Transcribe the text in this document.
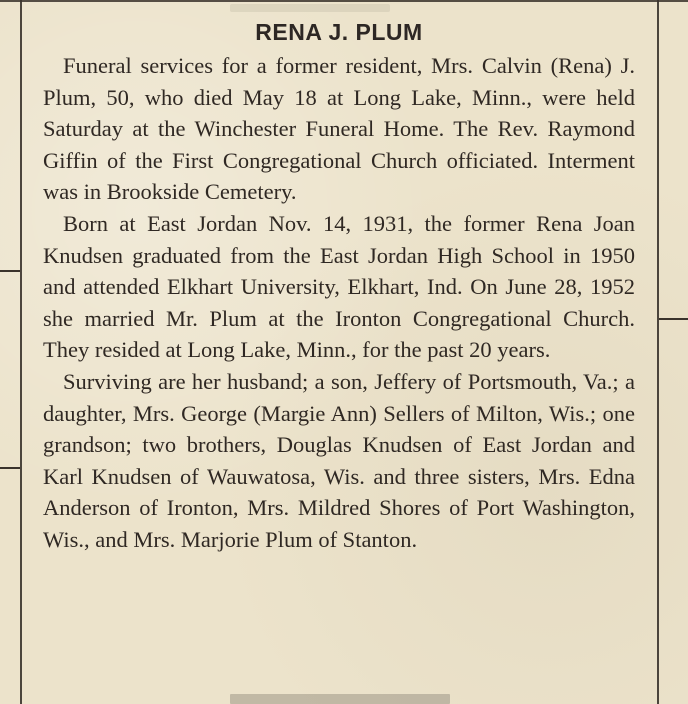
RENA J. PLUM

Funeral services for a former resident, Mrs. Calvin (Rena) J. Plum, 50, who died May 18 at Long Lake, Minn., were held Saturday at the Winchester Funeral Home. The Rev. Raymond Giffin of the First Congregational Church officiated. Interment was in Brookside Cemetery.

Born at East Jordan Nov. 14, 1931, the former Rena Joan Knudsen graduated from the East Jordan High School in 1950 and attended Elkhart University, Elkhart, Ind. On June 28, 1952 she married Mr. Plum at the Ironton Congregational Church. They resided at Long Lake, Minn., for the past 20 years.

Surviving are her husband; a son, Jeffery of Portsmouth, Va.; a daughter, Mrs. George (Margie Ann) Sellers of Milton, Wis.; one grandson; two brothers, Douglas Knudsen of East Jordan and Karl Knudsen of Wauwatosa, Wis. and three sisters, Mrs. Edna Anderson of Ironton, Mrs. Mildred Shores of Port Washington, Wis., and Mrs. Marjorie Plum of Stanton.
